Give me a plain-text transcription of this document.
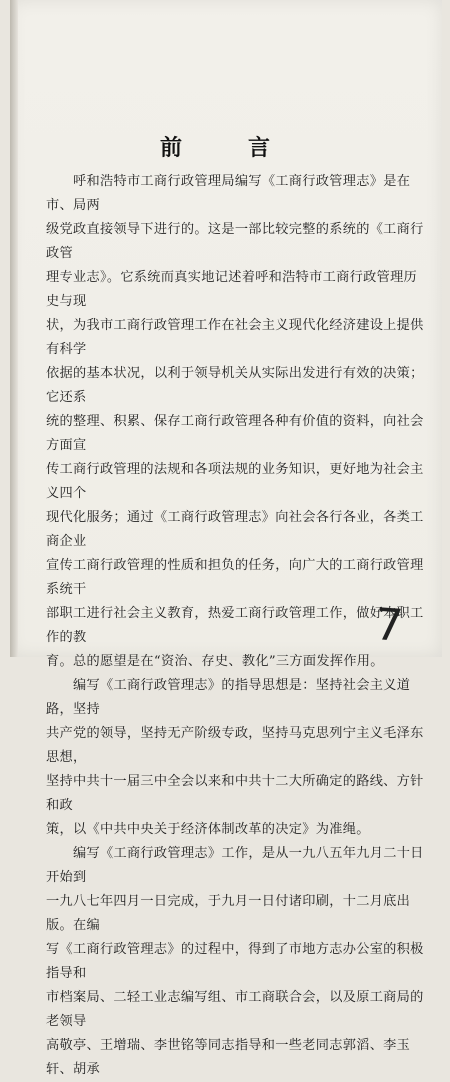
前　言

呼和浩特市工商行政管理局编写《工商行政管理志》是在市、局两

级党政直接领导下进行的。这是一部比较完整的系统的《工商行政管

理专业志》。它系统而真实地记述着呼和浩特市工商行政管理历史与现

状，为我市工商行政管理工作在社会主义现代化经济建设上提供有科学

依据的基本状况，以利于领导机关从实际出发进行有效的决策；它还系

统的整理、积累、保存工商行政管理各种有价值的资料，向社会方面宣

传工商行政管理的法规和各项法规的业务知识，更好地为社会主义四个

现代化服务；通过《工商行政管理志》向社会各行各业，各类工商企业

宣传工商行政管理的性质和担负的任务，向广大的工商行政管理系统干

部职工进行社会主义教育，热爱工商行政管理工作，做好本职工作的教

育。总的愿望是在“资治、存史、教化”三方面发挥作用。

编写《工商行政管理志》的指导思想是：坚持社会主义道路，坚持

共产党的领导，坚持无产阶级专政，坚持马克思列宁主义毛泽东思想，

坚持中共十一届三中全会以来和中共十二大所确定的路线、方针和政

策，以《中共中央关于经济体制改革的决定》为准绳。

编写《工商行政管理志》工作，是从一九八五年九月二十日开始到

一九八七年四月一日完成，于九月一日付诸印刷，十二月底出版。在编

写《工商行政管理志》的过程中，得到了市地方志办公室的积极指导和

市档案局、二轻工业志编写组、市工商联合会，以及原工商局的老领导

高敬亭、王增瑞、李世铭等同志指导和一些老同志郭滔、李玉轩、胡承

7
